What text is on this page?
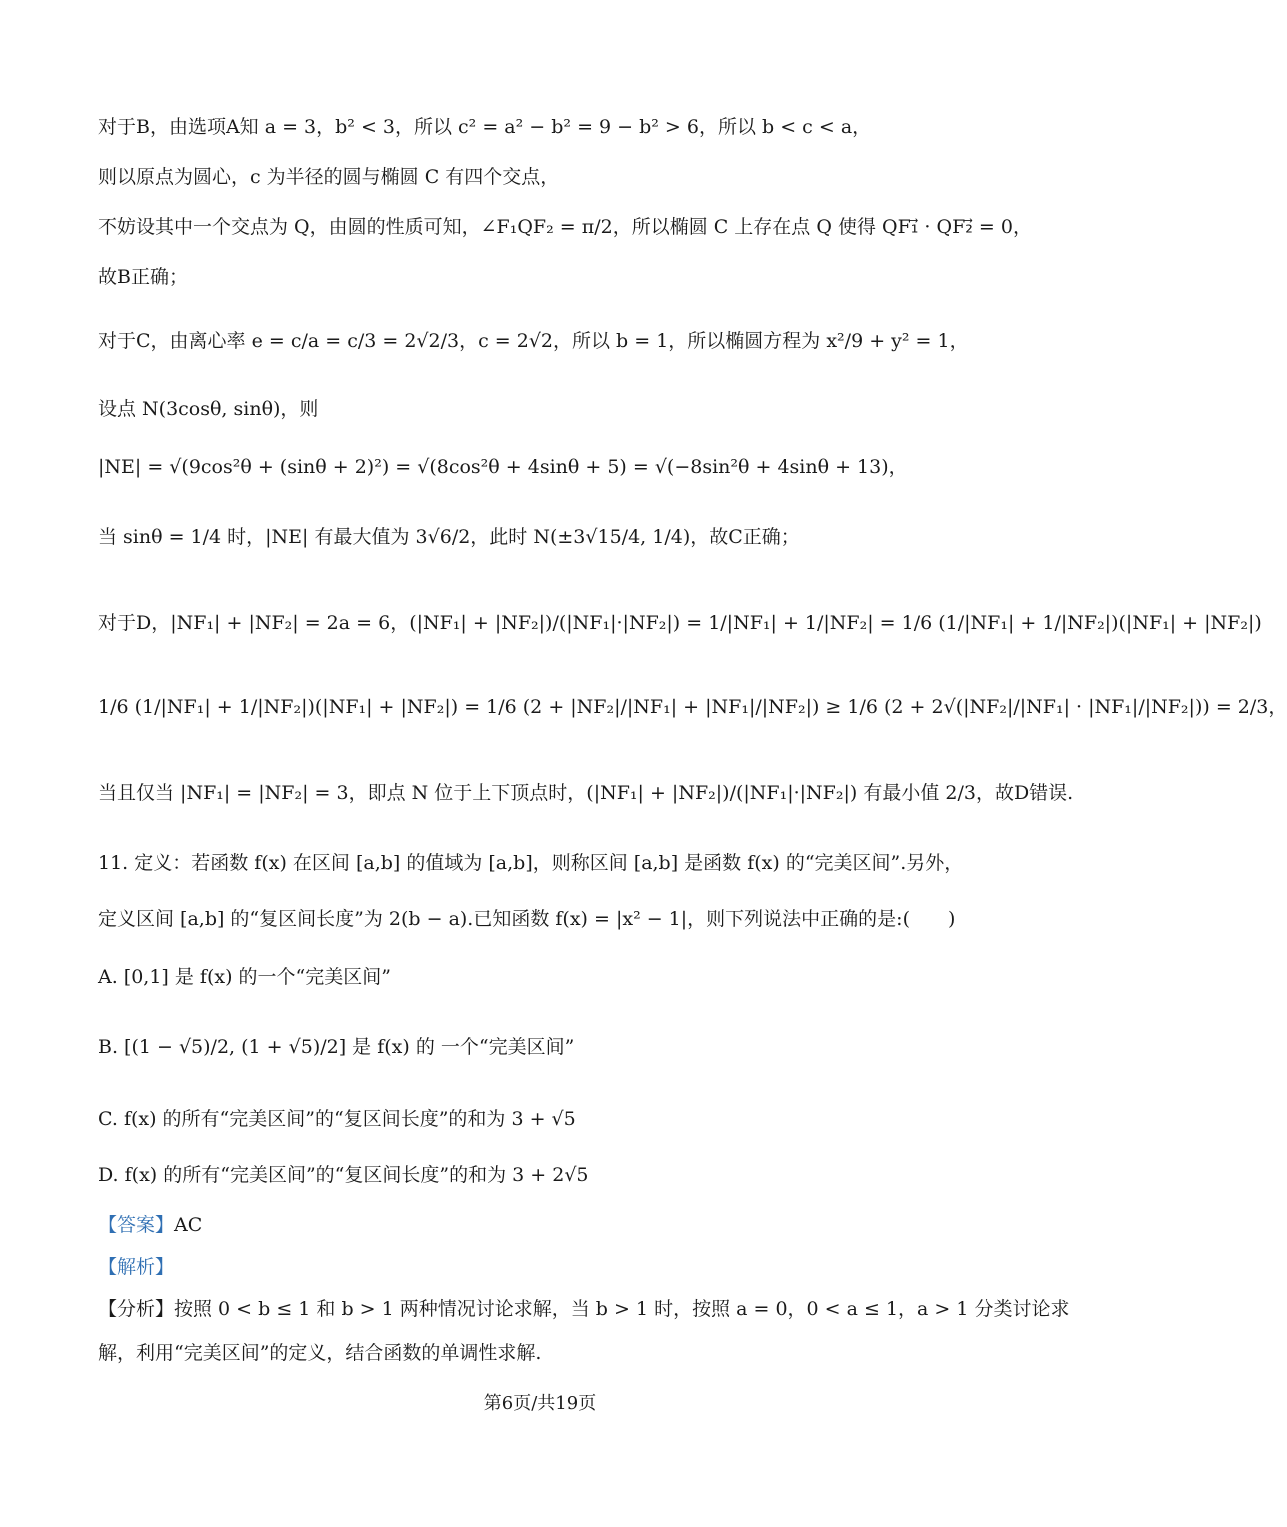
对于B，由选项A知 a = 3，b² < 3，所以 c² = a² − b² = 9 − b² > 6，所以 b < c < a，
则以原点为圆心，c 为半径的圆与椭圆 C 有四个交点，
不妨设其中一个交点为 Q，由圆的性质可知，∠F₁QF₂ = π/2，所以椭圆 C 上存在点 Q 使得 QF₁⃗ · QF₂⃗ = 0，
故B正确；
对于C，由离心率 e = c/a = c/3 = 2√2/3，c = 2√2，所以 b = 1，所以椭圆方程为 x²/9 + y² = 1，
设点 N(3cosθ, sinθ)，则
|NE| = √(9cos²θ + (sinθ + 2)²) = √(8cos²θ + 4sinθ + 5) = √(−8sin²θ + 4sinθ + 13)，
当 sinθ = 1/4 时，|NE| 有最大值为 3√6/2，此时 N(±3√15/4, 1/4)，故C正确；
对于D，|NF₁| + |NF₂| = 2a = 6，(|NF₁| + |NF₂|)/(|NF₁|·|NF₂|) = 1/|NF₁| + 1/|NF₂| = 1/6 (1/|NF₁| + 1/|NF₂|)(|NF₁| + |NF₂|)
1/6 (1/|NF₁| + 1/|NF₂|)(|NF₁| + |NF₂|) = 1/6 (2 + |NF₂|/|NF₁| + |NF₁|/|NF₂|) ≥ 1/6 (2 + 2√(|NF₂|/|NF₁| · |NF₁|/|NF₂|)) = 2/3，
当且仅当 |NF₁| = |NF₂| = 3，即点 N 位于上下顶点时，(|NF₁| + |NF₂|)/(|NF₁|·|NF₂|) 有最小值 2/3，故D错误.
11. 定义：若函数 f(x) 在区间 [a,b] 的值域为 [a,b]，则称区间 [a,b] 是函数 f(x) 的“完美区间”.另外，
定义区间 [a,b] 的“复区间长度”为 2(b − a).已知函数 f(x) = |x² − 1|，则下列说法中正确的是:(　　)
A. [0,1] 是 f(x) 的一个“完美区间”
B. [(1 − √5)/2, (1 + √5)/2] 是 f(x) 的 一个“完美区间”
C. f(x) 的所有“完美区间”的“复区间长度”的和为 3 + √5
D. f(x) 的所有“完美区间”的“复区间长度”的和为 3 + 2√5
【答案】 AC
【解析】
【分析】按照 0 < b ≤ 1 和 b > 1 两种情况讨论求解，当 b > 1 时，按照 a = 0，0 < a ≤ 1，a > 1 分类讨论求
解，利用“完美区间”的定义，结合函数的单调性求解.
第6页/共19页
